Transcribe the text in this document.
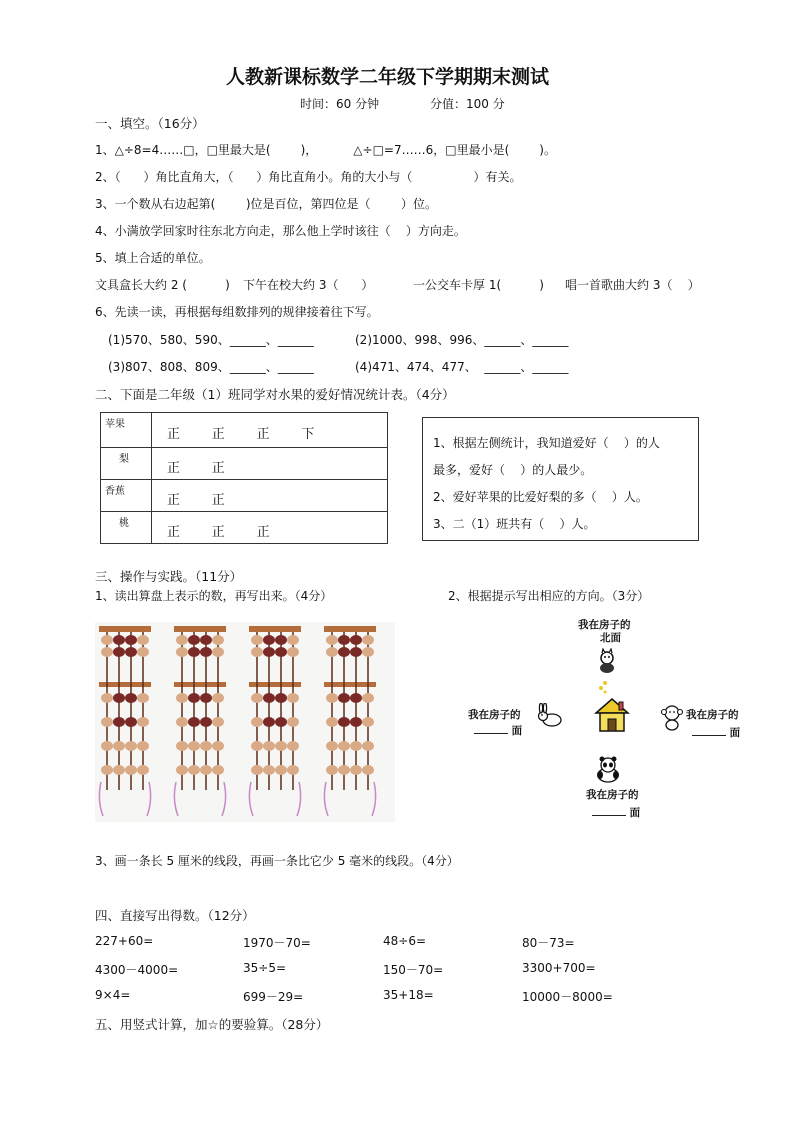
人教新课标数学二年级下学期期末测试
时间：60 分钟	分值：100 分
一、填空。（16分）
1、△÷8=4……□，□里最大是(	)，	△÷□=7……6，□里最小是(	)。
2、（      ）角比直角大，（      ）角比直角小。角的大小与（                ）有关。
3、一个数从右边起第(        )位是百位，第四位是（        ）位。
4、小满放学回家时往东北方向走，那么他上学时该往（    ）方向走。
5、填上合适的单位。
文具盒长大约 2 (          ) 下午在校大约 3（      ）	一公交车卡厚 1(          ) 唱一首歌曲大约 3（    ）
6、先读一读，再根据每组数排列的规律接着往下写。
(1)570、580、590、______、______	(2)1000、998、996、______、______
(3)807、808、809、______、______	(4)471、474、477、  ______、______
二、下面是二年级（1）班同学对水果的爱好情况统计表。（4分）
苹果
正      正      正      下
梨
正      正
香蕉
正      正
桃
正      正      正
1、根据左侧统计，我知道爱好（    ）的人
最多，爱好（    ）的人最少。
2、爱好苹果的比爱好梨的多（    ）人。
3、二（1）班共有（    ）人。
三、操作与实践。（11分）
1、读出算盘上表示的数，再写出来。（4分）	2、根据提示写出相应的方向。（3分）
我在房子的
北面
我在房子的
面
我在房子的
面
我在房子的
面
3、画一条长 5 厘米的线段，再画一条比它少 5 毫米的线段。（4分）
四、直接写出得数。（12分）
227+60=	1970－70=	48÷6=	80－73=
4300－4000=	35÷5=	150－70=	3300+700=
9×4=	699－29=	35+18=	10000－8000=
五、用竖式计算，加☆的要验算。（28分）
